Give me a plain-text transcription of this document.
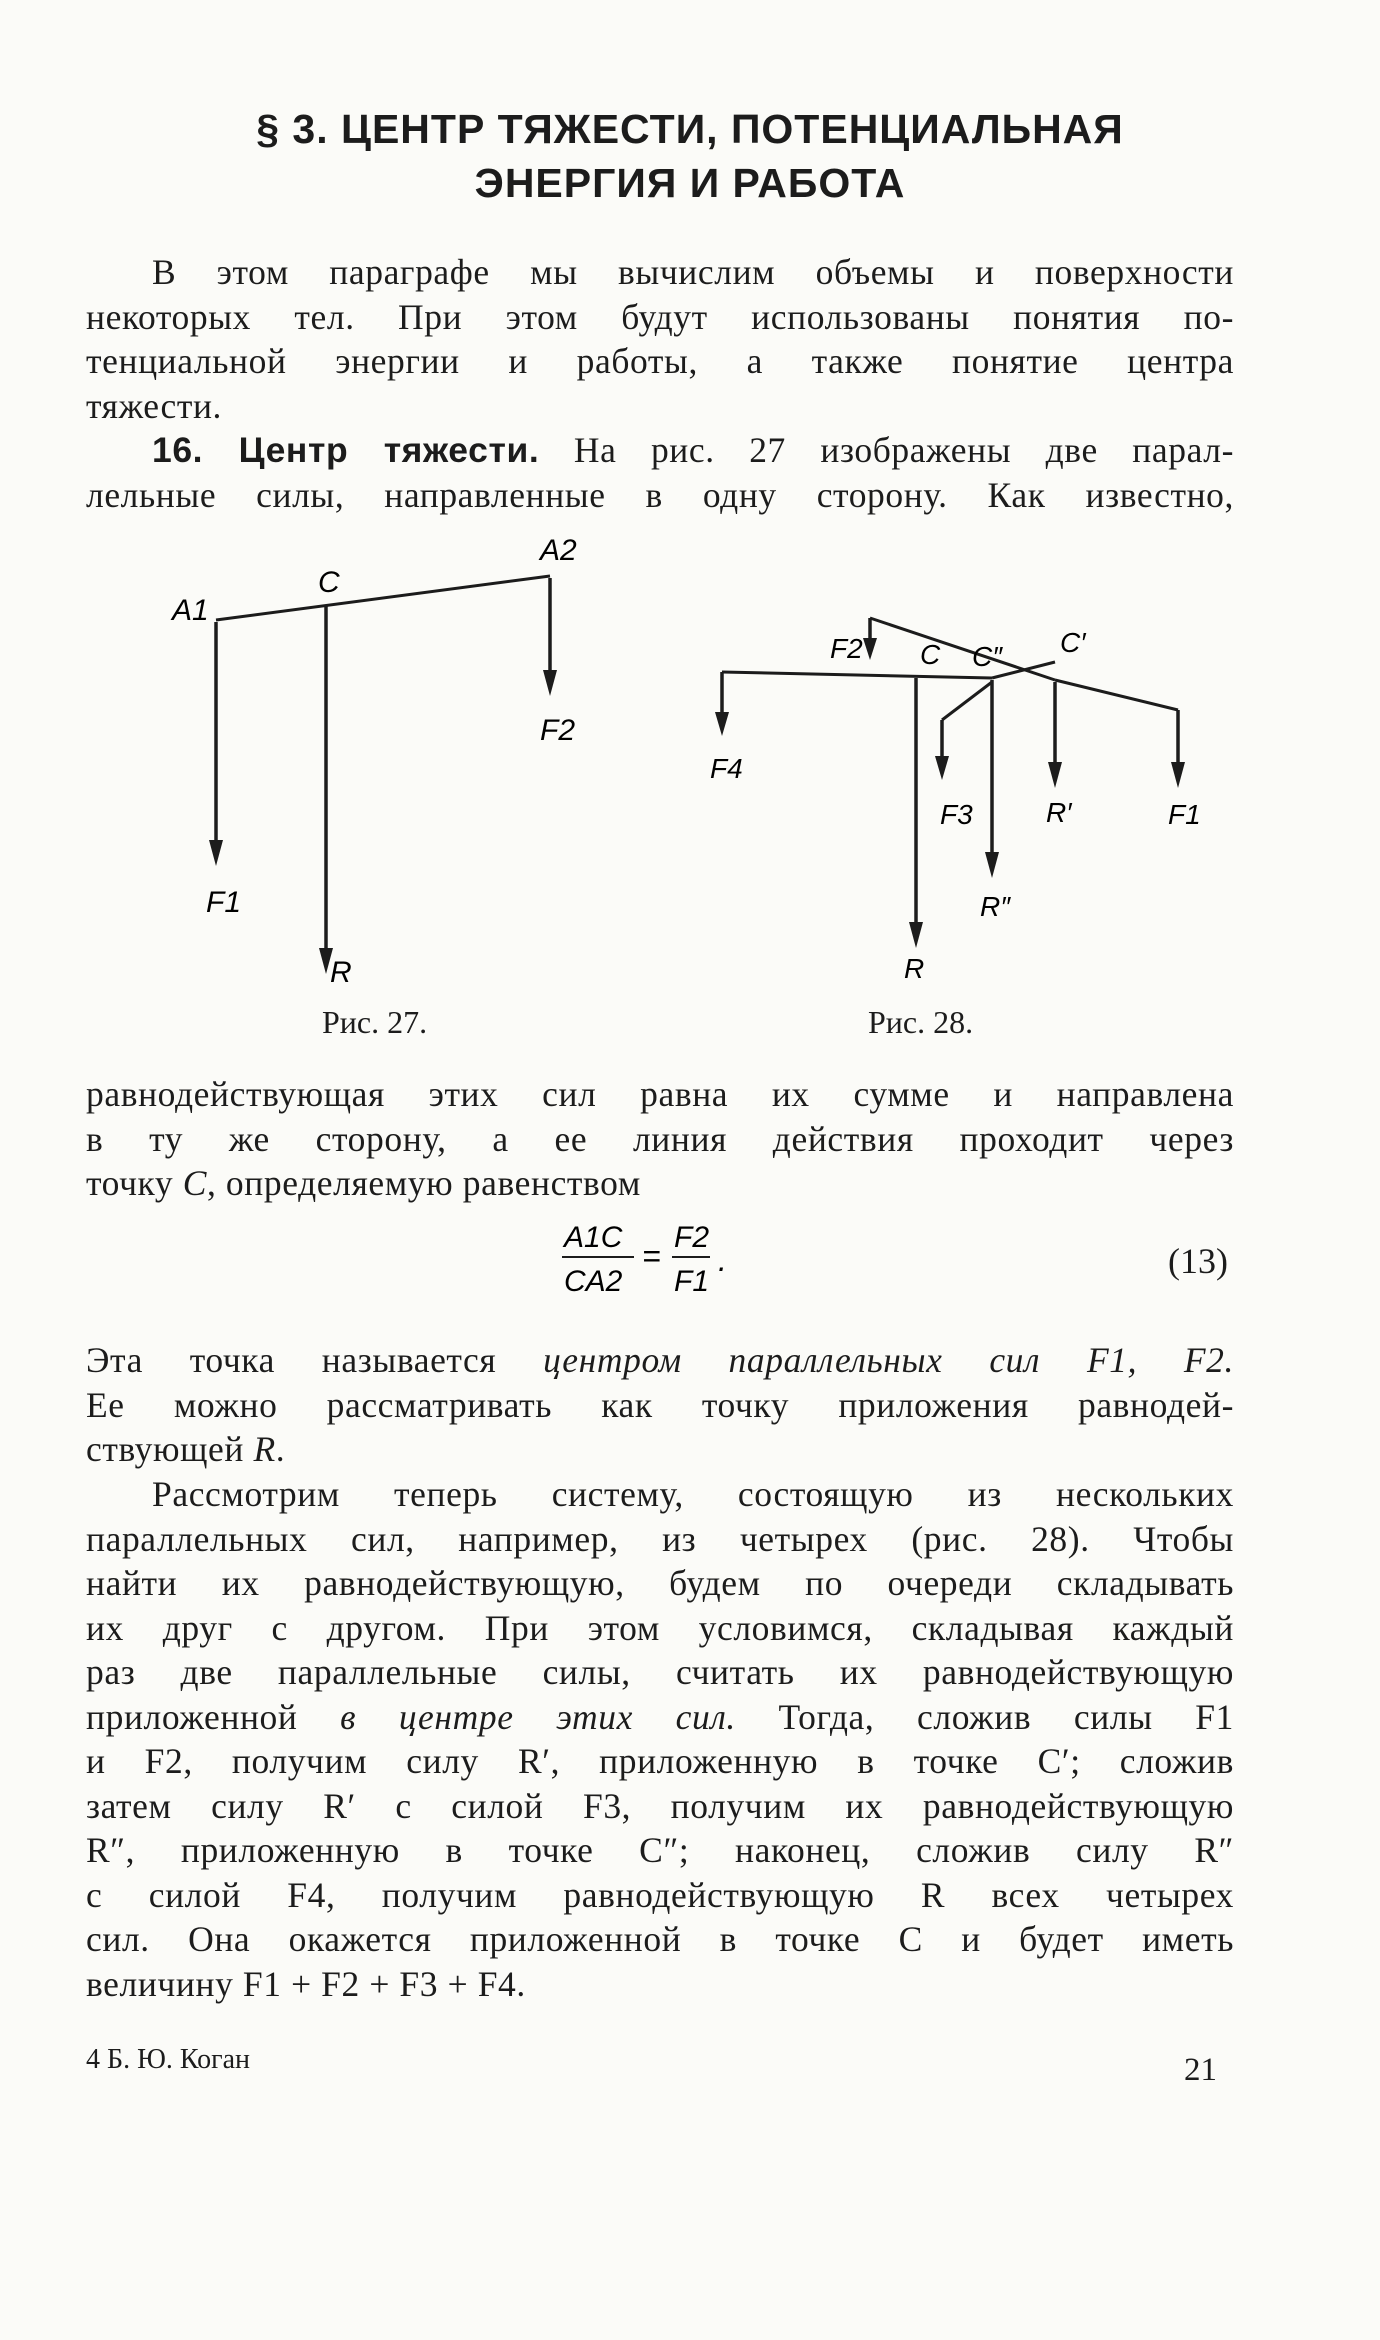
§ 3. ЦЕНТР ТЯЖЕСТИ, ПОТЕНЦИАЛЬНАЯ
ЭНЕРГИЯ И РАБОТА
В этом параграфе мы вычислим объемы и поверхности
некоторых тел. При этом будут использованы понятия по-
тенциальной энергии и работы, а также понятие центра
тяжести.
16. Центр тяжести. На рис. 27 изображены две парал-
лельные силы, направленные в одну сторону. Как известно,
A1
A2
C
F2
F1
R
F2 C C″ C′
F4
F3	R′	F1
R″
R
Рис. 27.	Рис. 28.
равнодействующая этих сил равна их сумме и направлена
в ту же сторону, а ее линия действия проходит через
точку C, определяемую равенством
A1C
CA2
=
F2
F1
.	(13)
Эта точка называется центром параллельных сил F1, F2.
Ее можно рассматривать как точку приложения равнодей-
ствующей R.
Рассмотрим теперь систему, состоящую из нескольких
параллельных сил, например, из четырех (рис. 28). Чтобы
найти их равнодействующую, будем по очереди складывать
их друг с другом. При этом условимся, складывая каждый
раз две параллельные силы, считать их равнодействующую
приложенной в центре этих сил. Тогда, сложив силы F1
и F2, получим силу R′, приложенную в точке C′; сложив
затем силу R′ с силой F3, получим их равнодействующую
R″, приложенную в точке C″; наконец, сложив силу R″
с силой F4, получим равнодействующую R всех четырех
сил. Она окажется приложенной в точке C и будет иметь
величину F1 + F2 + F3 + F4.
4 Б. Ю. Коган	21
